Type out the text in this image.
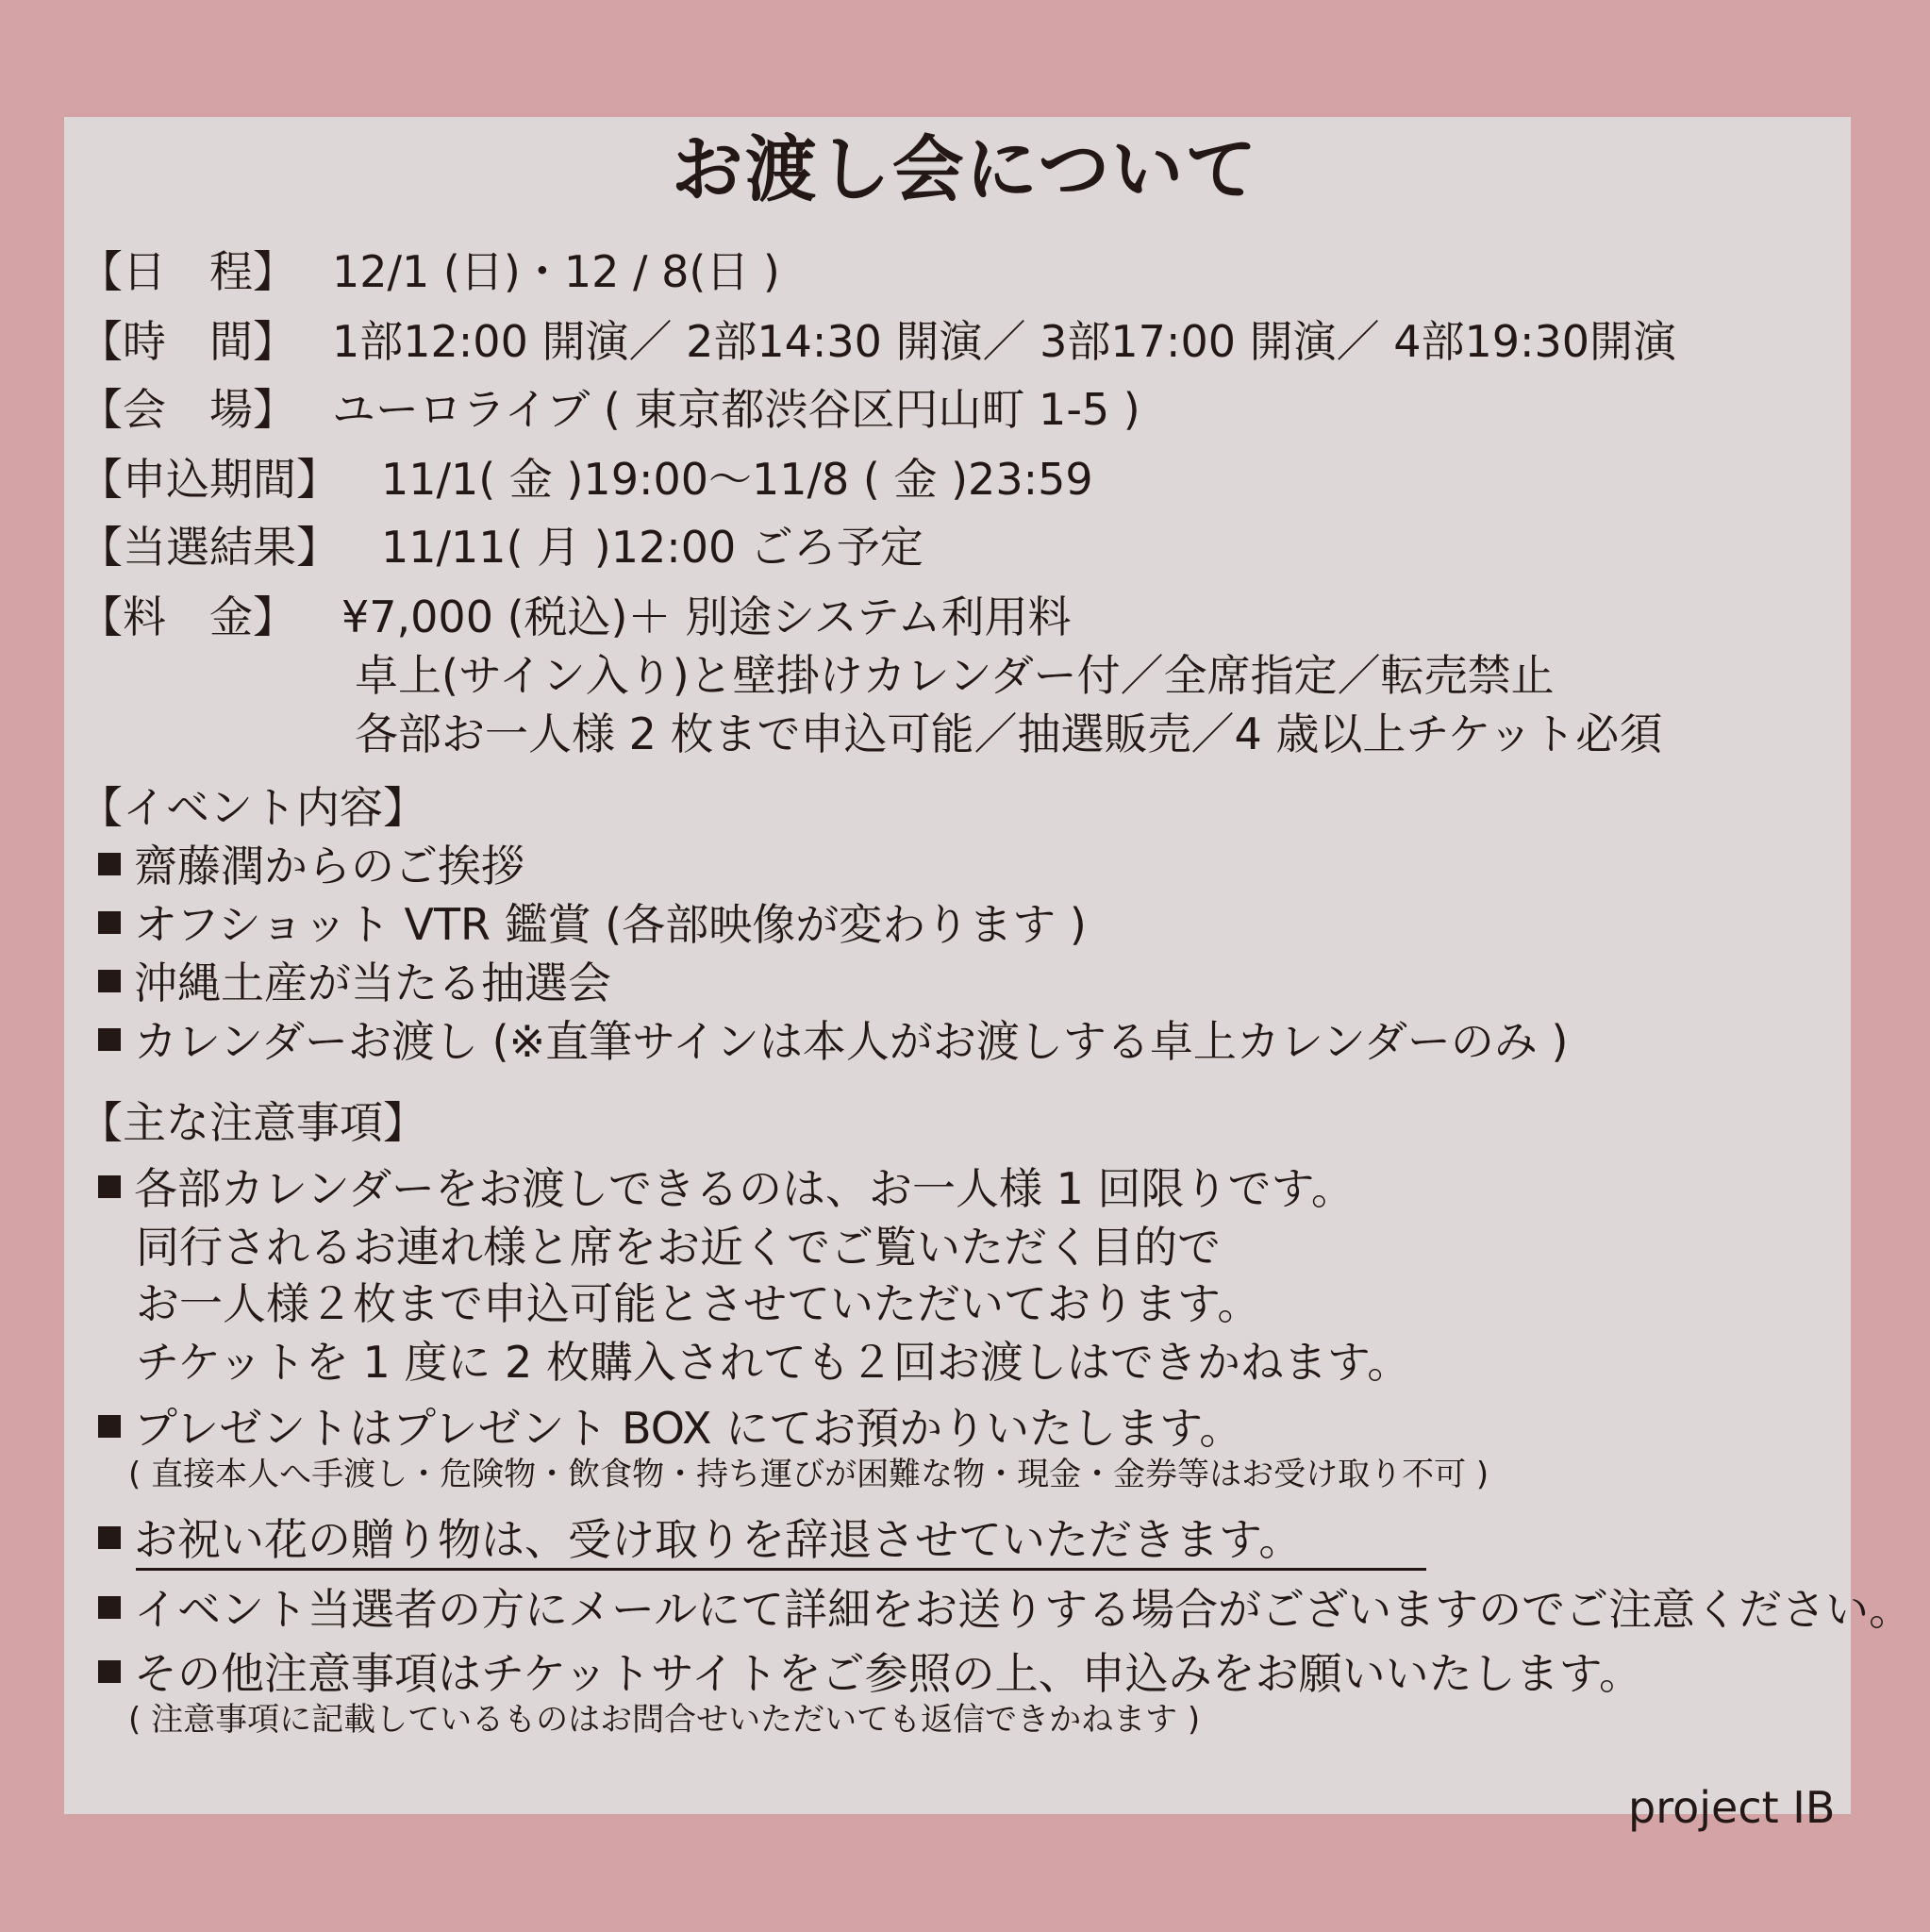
お渡し会について
【日　程】 12/1 (日)・12 / 8(日 )
【時　間】 1部12:00 開演／ 2部14:30 開演／ 3部17:00 開演／ 4部19:30開演
【会　場】 ユーロライブ ( 東京都渋谷区円山町 1-5 )
【申込期間】 11/1( 金 )19:00〜11/8 ( 金 )23:59
【当選結果】 11/11( 月 )12:00 ごろ予定
【料　金】 ¥7,000 (税込)＋ 別途システム利用料
卓上(サイン入り)と壁掛けカレンダー付／全席指定／転売禁止
各部お一人様 2 枚まで申込可能／抽選販売／4 歳以上チケット必須
【イベント内容】
齋藤潤からのご挨拶
オフショット VTR 鑑賞 (各部映像が変わります )
沖縄土産が当たる抽選会
カレンダーお渡し (※直筆サインは本人がお渡しする卓上カレンダーのみ )
【主な注意事項】
各部カレンダーをお渡しできるのは、お一人様 1 回限りです。
同行されるお連れ様と席をお近くでご覧いただく目的で
お一人様２枚まで申込可能とさせていただいております。
チケットを 1 度に 2 枚購入されても２回お渡しはできかねます。
プレゼントはプレゼント BOX にてお預かりいたします。
( 直接本人へ手渡し・危険物・飲食物・持ち運びが困難な物・現金・金券等はお受け取り不可 )
お祝い花の贈り物は、受け取りを辞退させていただきます。
イベント当選者の方にメールにて詳細をお送りする場合がございますのでご注意ください。
その他注意事項はチケットサイトをご参照の上、申込みをお願いいたします。
( 注意事項に記載しているものはお問合せいただいても返信できかねます )
project IB
